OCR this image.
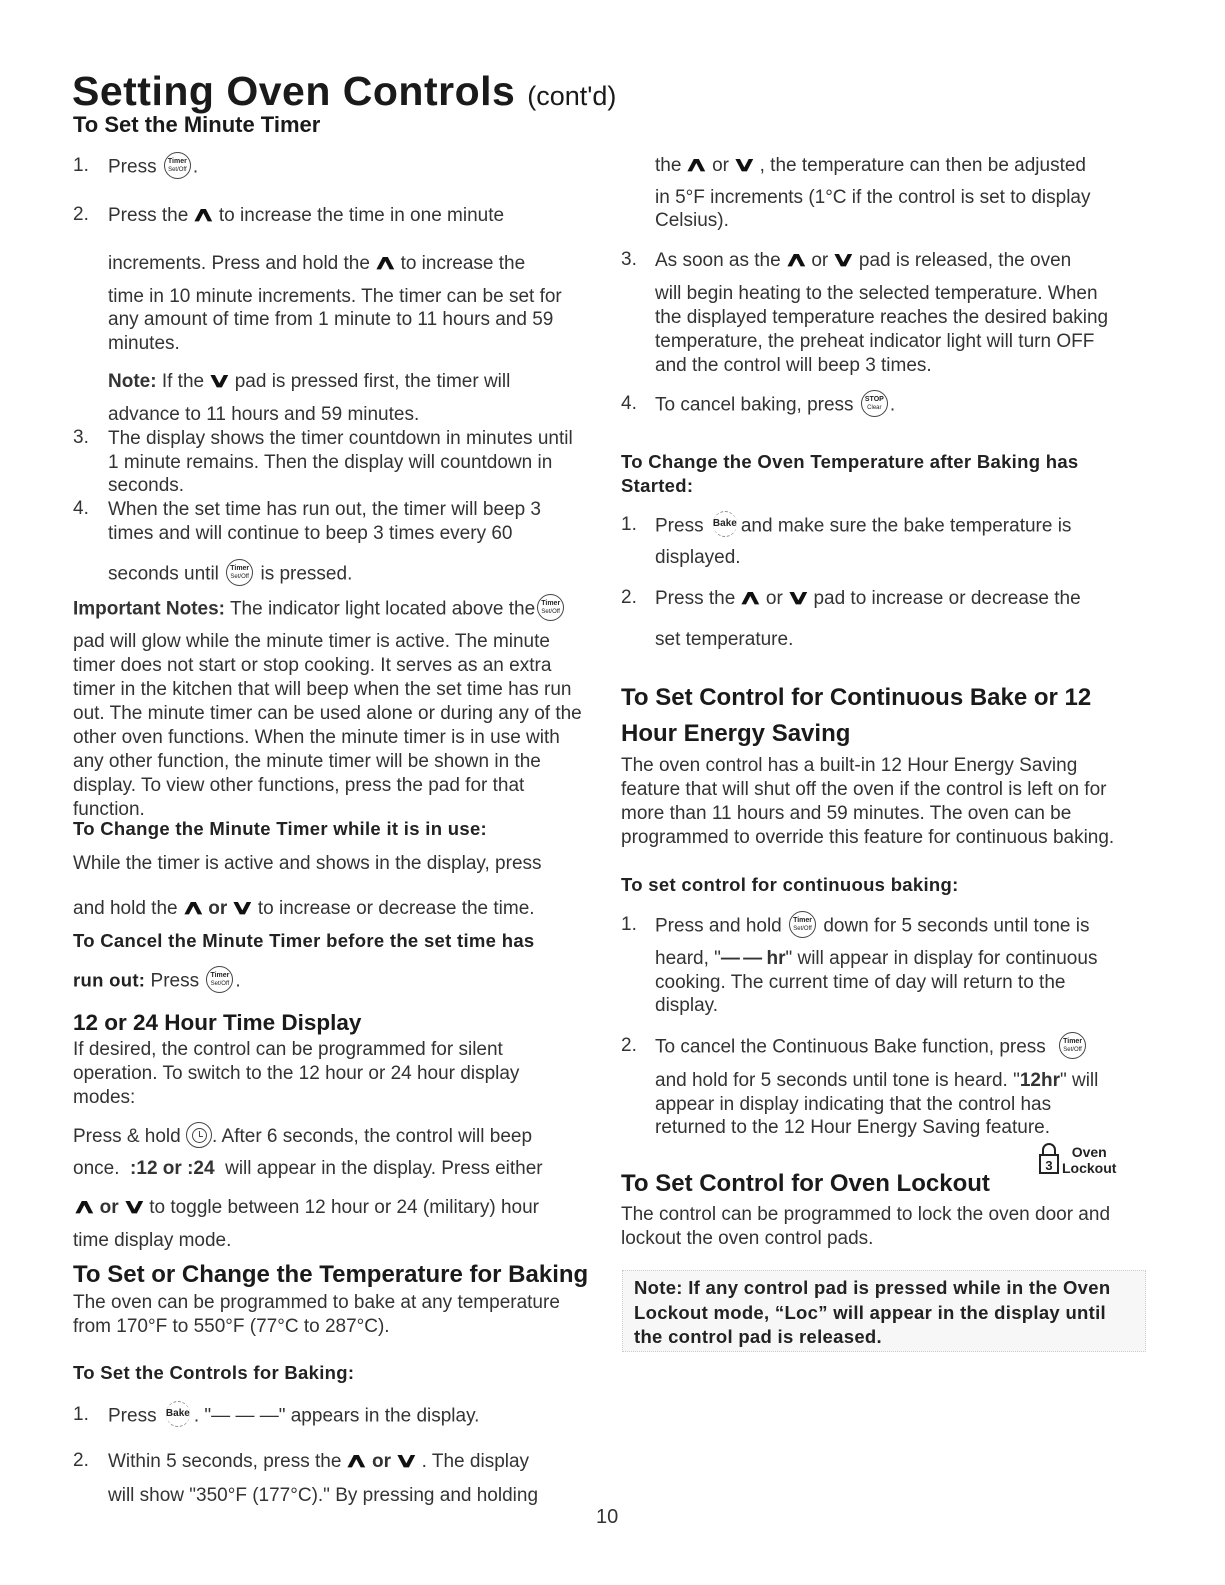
Setting Oven Controls (cont'd)
To Set the Minute Timer
1. Press Timer
Set/Off .
2. Press the ∧ to increase the time in one minute
increments. Press and hold the ∧ to increase the
time in 10 minute increments. The timer can be set for
any amount of time from 1 minute to 11 hours and 59
minutes.
Note: If the ∨ pad is pressed first, the timer will
advance to 11 hours and 59 minutes.
3. The display shows the timer countdown in minutes until
1 minute remains. Then the display will countdown in
seconds.
4. When the set time has run out, the timer will beep 3
times and will continue to beep 3 times every 60
seconds until Timer
Set/Off is pressed.
Important Notes: The indicator light located above the Timer
Set/Off
pad will glow while the minute timer is active. The minute
timer does not start or stop cooking. It serves as an extra
timer in the kitchen that will beep when the set time has run
out. The minute timer can be used alone or during any of the
other oven functions. When the minute timer is in use with
any other function, the minute timer will be shown in the
display. To view other functions, press the pad for that
function.
To Change the Minute Timer while it is in use:
While the timer is active and shows in the display, press
and hold the ∧ or ∨ to increase or decrease the time.
To Cancel the Minute Timer before the set time has
run out: Press Timer
Set/Off .
12 or 24 Hour Time Display
If desired, the control can be programmed for silent
operation. To switch to the 12 hour or 24 hour display
modes:
Press & hold . After 6 seconds, the control will beep
once. :12 or :24 will appear in the display. Press either
∧ or ∨ to toggle between 12 hour or 24 (military) hour
time display mode.
To Set or Change the Temperature for Baking
The oven can be programmed to bake at any temperature
from 170°F to 550°F (77°C to 287°C).
To Set the Controls for Baking:
1. Press Bake . "— — —" appears in the display.
2. Within 5 seconds, press the ∧ or ∨ . The display
will show "350°F (177°C)." By pressing and holding
10
the ∧ or ∨ , the temperature can then be adjusted
in 5°F increments (1°C if the control is set to display
Celsius).
3. As soon as the ∧ or ∨ pad is released, the oven
will begin heating to the selected temperature. When
the displayed temperature reaches the desired baking
temperature, the preheat indicator light will turn OFF
and the control will beep 3 times.
4. To cancel baking, press STOP
Clear .
To Change the Oven Temperature after Baking has
Started:
1. Press Bake and make sure the bake temperature is
displayed.
2. Press the ∧ or ∨ pad to increase or decrease the
set temperature.
To Set Control for Continuous Bake or 12
Hour Energy Saving
The oven control has a built-in 12 Hour Energy Saving
feature that will shut off the oven if the control is left on for
more than 11 hours and 59 minutes. The oven can be
programmed to override this feature for continuous baking.
To set control for continuous baking:
1. Press and hold Timer
Set/Off down for 5 seconds until tone is
heard, "— — hr" will appear in display for continuous
cooking. The current time of day will return to the
display.
2. To cancel the Continuous Bake function, press Timer
Set/Off
and hold for 5 seconds until tone is heard. "12hr" will
appear in display indicating that the control has
returned to the 12 Hour Energy Saving feature.
3
Oven
Lockout
To Set Control for Oven Lockout
The control can be programmed to lock the oven door and
lockout the oven control pads.
Note: If any control pad is pressed while in the Oven
Lockout mode, “Loc” will appear in the display until
the control pad is released.
